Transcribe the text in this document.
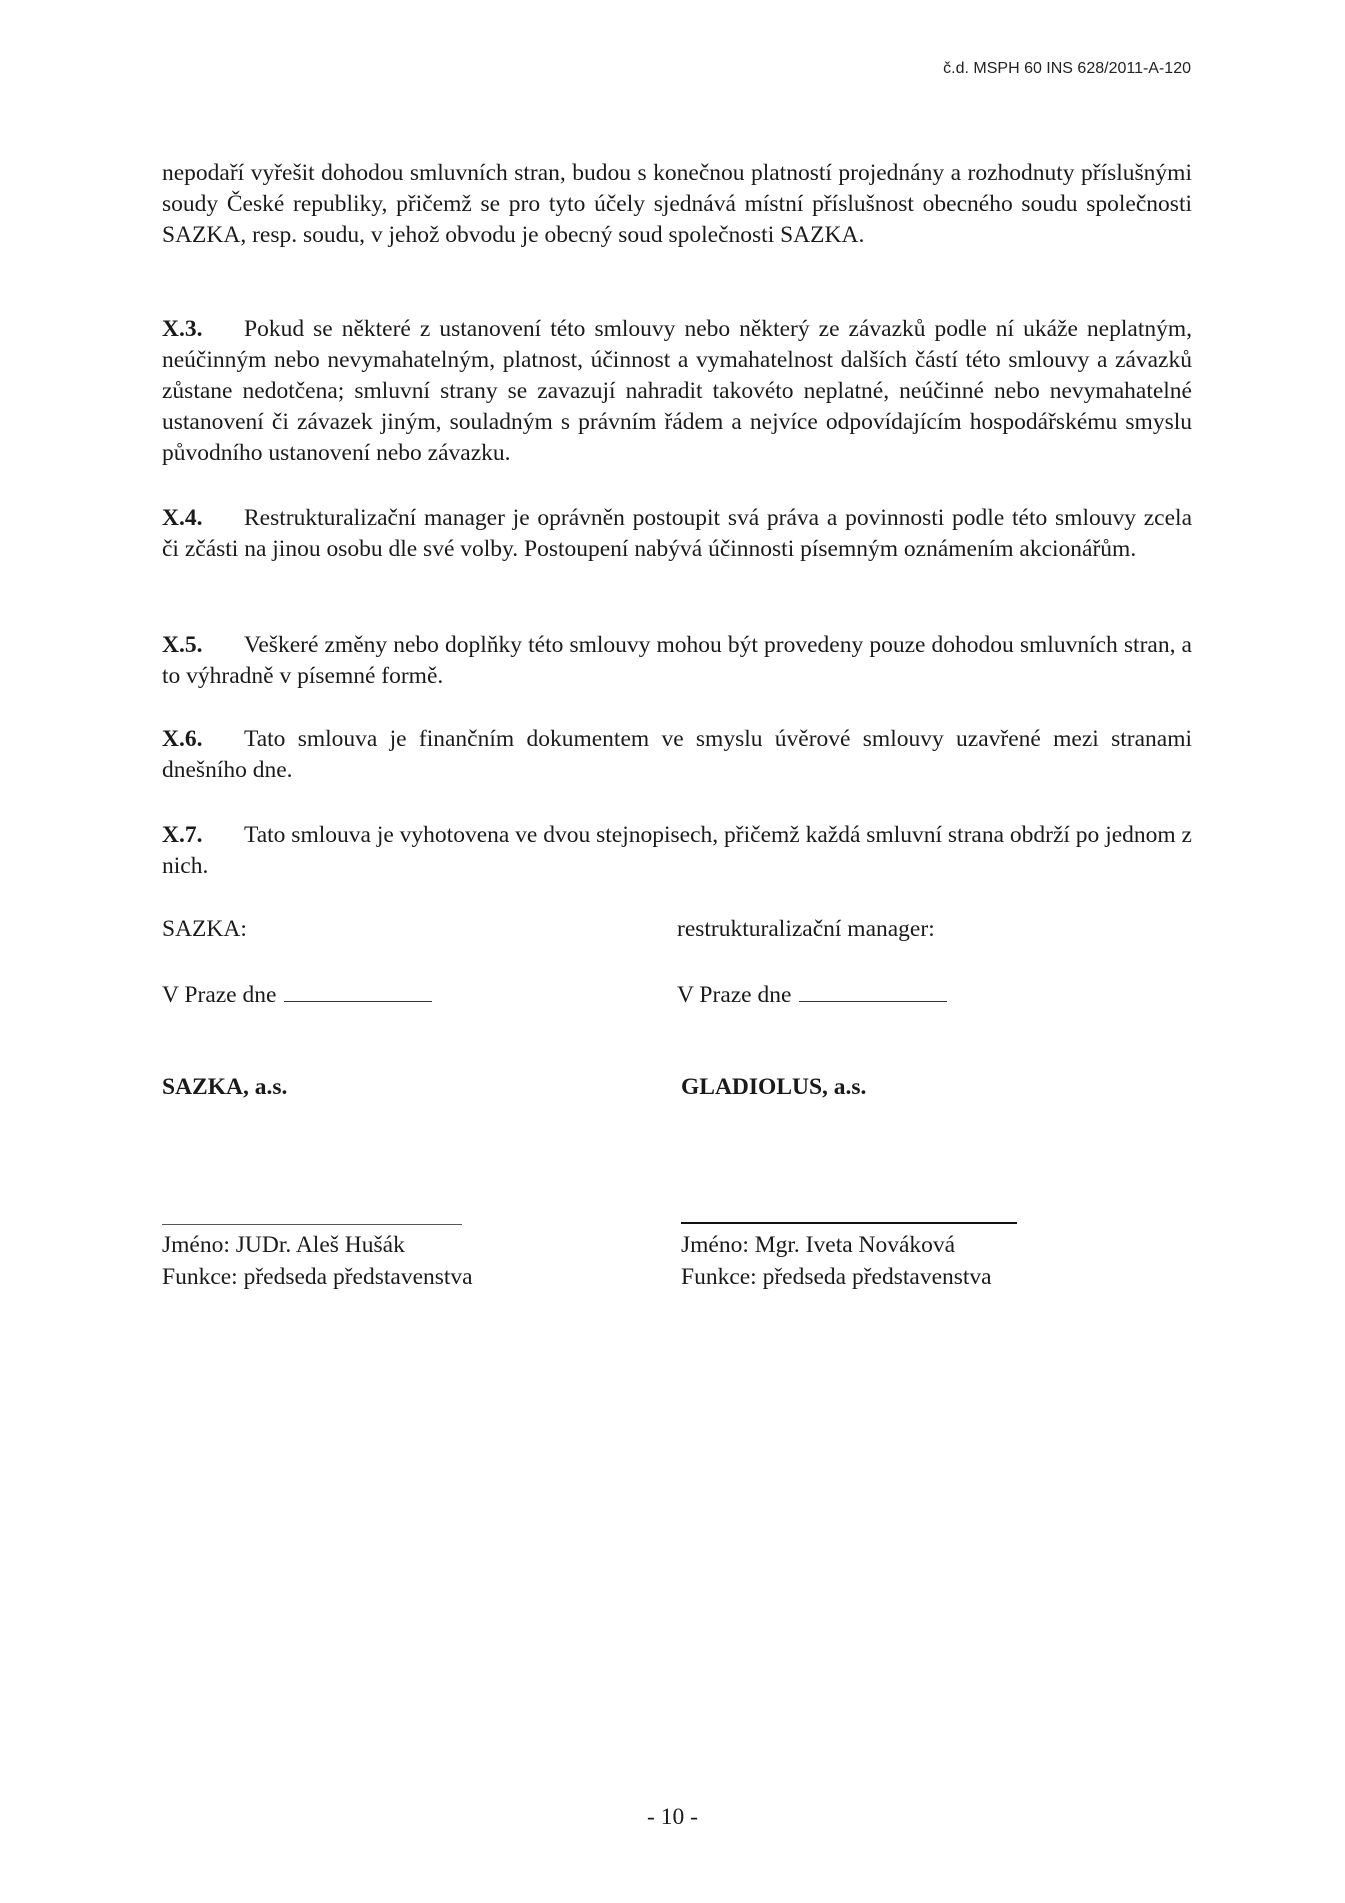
č.d. MSPH 60 INS 628/2011-A-120

nepodaří vyřešit dohodou smluvních stran, budou s konečnou platností projednány a rozhodnuty příslušnými soudy České republiky, přičemž se pro tyto účely sjednává místní příslušnost obecného soudu společnosti SAZKA, resp. soudu, v jehož obvodu je obecný soud společnosti SAZKA.

X.3. Pokud se některé z ustanovení této smlouvy nebo některý ze závazků podle ní ukáže neplatným, neúčinným nebo nevymahatelným, platnost, účinnost a vymahatelnost dalších částí této smlouvy a závazků zůstane nedotčena; smluvní strany se zavazují nahradit takovéto neplatné, neúčinné nebo nevymahatelné ustanovení či závazek jiným, souladným s právním řádem a nejvíce odpovídajícím hospodářskému smyslu původního ustanovení nebo závazku.

X.4. Restrukturalizační manager je oprávněn postoupit svá práva a povinnosti podle této smlouvy zcela či zčásti na jinou osobu dle své volby. Postoupení nabývá účinnosti písemným oznámením akcionářům.

X.5. Veškeré změny nebo doplňky této smlouvy mohou být provedeny pouze dohodou smluvních stran, a to výhradně v písemné formě.

X.6. Tato smlouva je finančním dokumentem ve smyslu úvěrové smlouvy uzavřené mezi stranami dnešního dne.

X.7. Tato smlouva je vyhotovena ve dvou stejnopisech, přičemž každá smluvní strana obdrží po jednom z nich.

SAZKA:
V Praze dne
SAZKA, a.s.
Jméno: JUDr. Aleš Hušák
Funkce: předseda představenstva
restrukturalizační manager:
V Praze dne
GLADIOLUS, a.s.
Jméno: Mgr. Iveta Nováková
Funkce: předseda představenstva
- 10 -
